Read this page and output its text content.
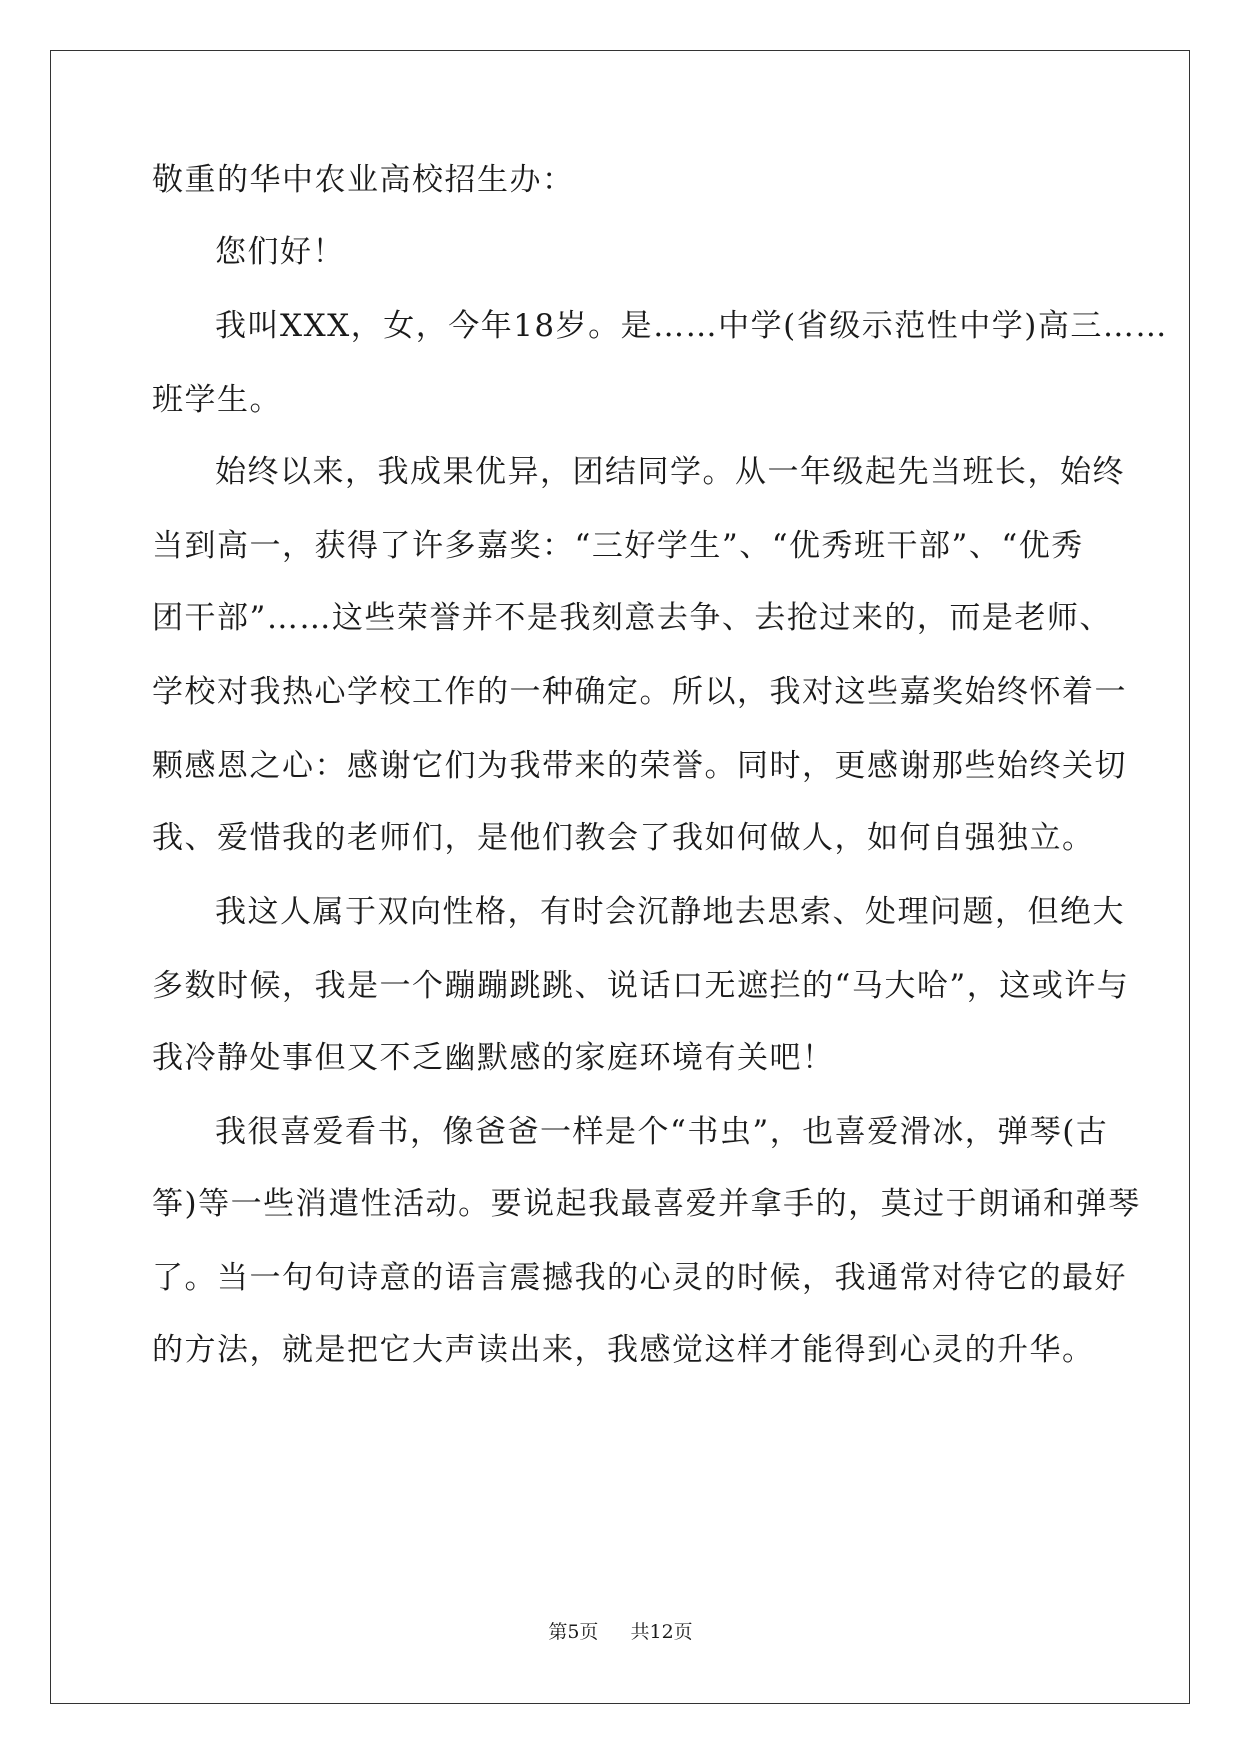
敬重的华中农业高校招生办：
您们好！
我叫XXX，女，今年18岁。是……中学(省级示范性中学)高三……
班学生。
始终以来，我成果优异，团结同学。从一年级起先当班长，始终
当到高一，获得了许多嘉奖：“三好学生”、“优秀班干部”、“优秀
团干部”……这些荣誉并不是我刻意去争、去抢过来的，而是老师、
学校对我热心学校工作的一种确定。所以，我对这些嘉奖始终怀着一
颗感恩之心：感谢它们为我带来的荣誉。同时，更感谢那些始终关切
我、爱惜我的老师们，是他们教会了我如何做人，如何自强独立。
我这人属于双向性格，有时会沉静地去思索、处理问题，但绝大
多数时候，我是一个蹦蹦跳跳、说话口无遮拦的“马大哈”，这或许与
我冷静处事但又不乏幽默感的家庭环境有关吧！
我很喜爱看书，像爸爸一样是个“书虫”，也喜爱滑冰，弹琴(古
筝)等一些消遣性活动。要说起我最喜爱并拿手的，莫过于朗诵和弹琴
了。当一句句诗意的语言震撼我的心灵的时候，我通常对待它的最好
的方法，就是把它大声读出来，我感觉这样才能得到心灵的升华。
第5页 共12页
